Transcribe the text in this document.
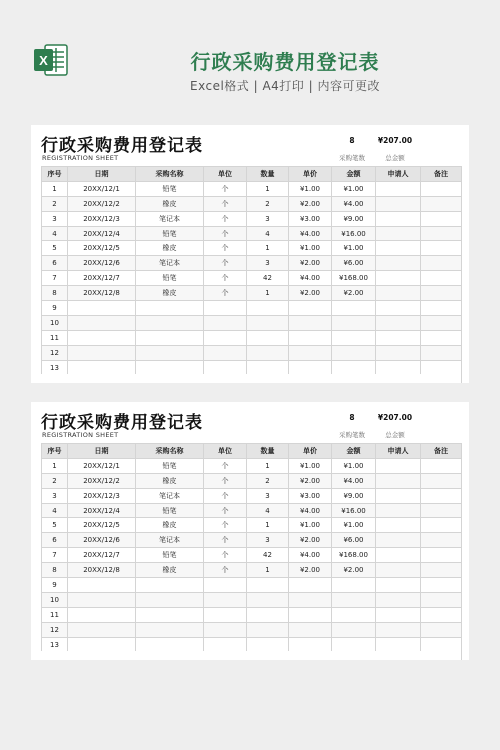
X	行政采购费用登记表
Excel格式 | A4打印 | 内容可更改
行政采购费用登记表
REGISTRATION SHEET
8
采购笔数
¥207.00
总金额
序号	日期	采购名称	单位	数量	单价	金额	申请人	备注
1	20XX/12/1	铅笔	个	1	¥1.00	¥1.00		
2	20XX/12/2	橡皮	个	2	¥2.00	¥4.00		
3	20XX/12/3	笔记本	个	3	¥3.00	¥9.00		
4	20XX/12/4	铅笔	个	4	¥4.00	¥16.00		
5	20XX/12/5	橡皮	个	1	¥1.00	¥1.00		
6	20XX/12/6	笔记本	个	3	¥2.00	¥6.00		
7	20XX/12/7	铅笔	个	42	¥4.00	¥168.00		
8	20XX/12/8	橡皮	个	1	¥2.00	¥2.00		
9								
10								
11								
12								
13								

行政采购费用登记表
REGISTRATION SHEET
8
采购笔数
¥207.00
总金额
序号	日期	采购名称	单位	数量	单价	金额	申请人	备注
1	20XX/12/1	铅笔	个	1	¥1.00	¥1.00		
2	20XX/12/2	橡皮	个	2	¥2.00	¥4.00		
3	20XX/12/3	笔记本	个	3	¥3.00	¥9.00		
4	20XX/12/4	铅笔	个	4	¥4.00	¥16.00		
5	20XX/12/5	橡皮	个	1	¥1.00	¥1.00		
6	20XX/12/6	笔记本	个	3	¥2.00	¥6.00		
7	20XX/12/7	铅笔	个	42	¥4.00	¥168.00		
8	20XX/12/8	橡皮	个	1	¥2.00	¥2.00		
9								
10								
11								
12								
13								
